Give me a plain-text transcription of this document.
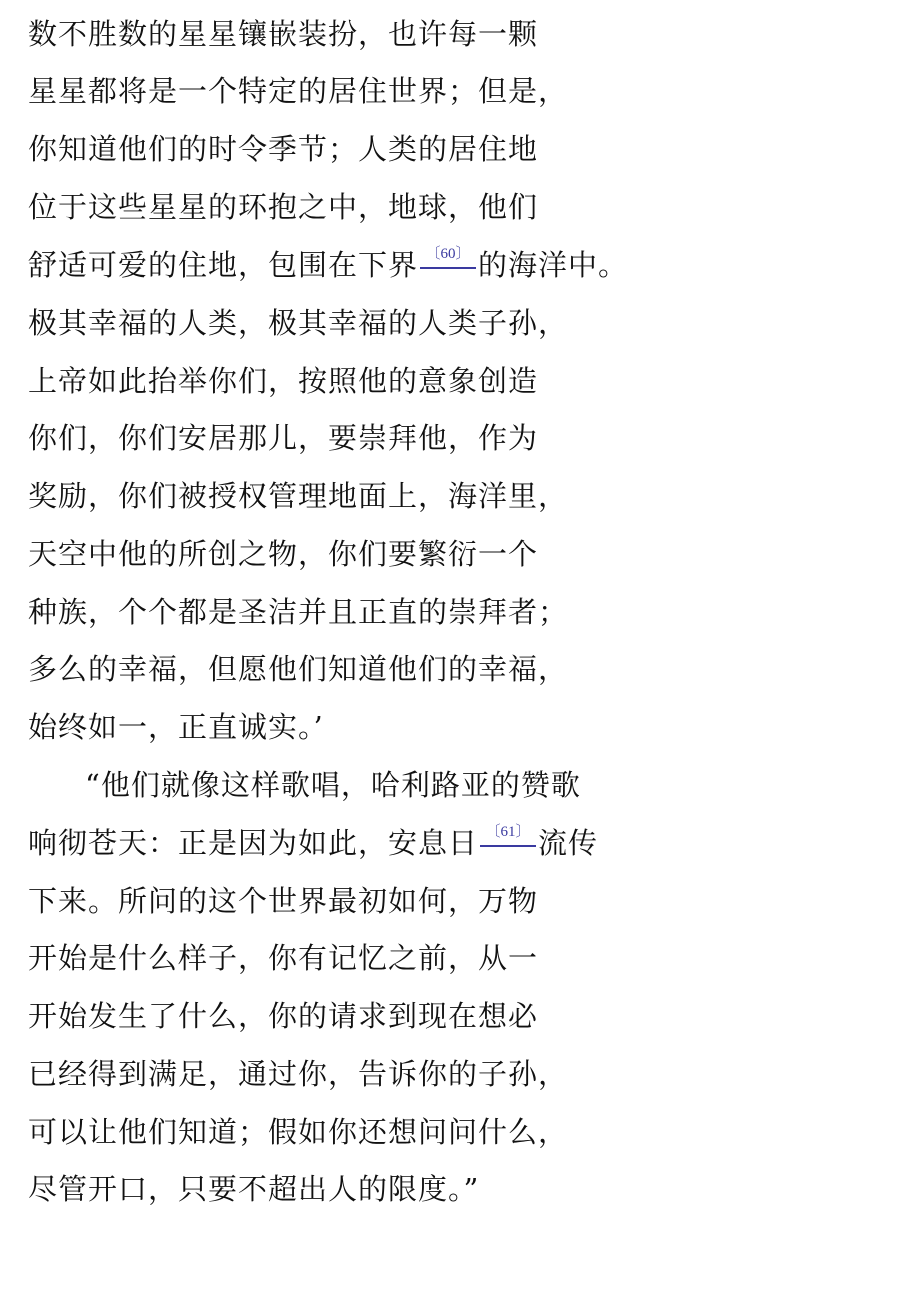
数不胜数的星星镶嵌装扮，也许每一颗
星星都将是一个特定的居住世界；但是，
你知道他们的时令季节；人类的居住地
位于这些星星的环抱之中，地球，他们
舒适可爱的住地，包围在下界 〔60〕 的海洋中。
极其幸福的人类，极其幸福的人类子孙，
上帝如此抬举你们，按照他的意象创造
你们，你们安居那儿，要崇拜他，作为
奖励，你们被授权管理地面上，海洋里，
天空中他的所创之物，你们要繁衍一个
种族，个个都是圣洁并且正直的崇拜者；
多么的幸福，但愿他们知道他们的幸福，
始终如一，正直诚实。’
“他们就像这样歌唱，哈利路亚的赞歌
响彻苍天：正是因为如此，安息日 〔61〕 流传
下来。所问的这个世界最初如何，万物
开始是什么样子，你有记忆之前，从一
开始发生了什么，你的请求到现在想必
已经得到满足，通过你，告诉你的子孙，
可以让他们知道；假如你还想问问什么，
尽管开口，只要不超出人的限度。”
